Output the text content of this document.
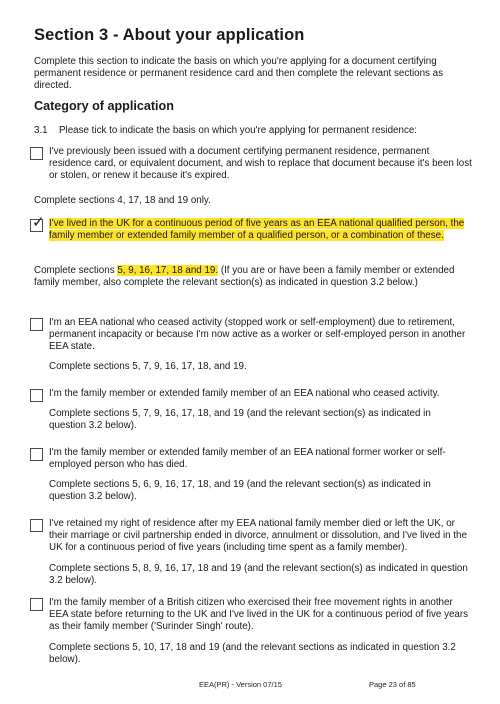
Section 3 - About your application

Complete this section to indicate the basis on which you're applying for a document certifying permanent residence or permanent residence card and then complete the relevant sections as directed.

Category of application
3.1 Please tick to indicate the basis on which you're applying for permanent residence:

I've previously been issued with a document certifying permanent residence, permanent residence card, or equivalent document, and wish to replace that document because it's been lost or stolen, or renew it because it's expired.

Complete sections 4, 17, 18 and 19 only.

✓ I've lived in the UK for a continuous period of five years as an EEA national qualified person, the family member or extended family member of a qualified person, or a combination of these.

Complete sections 5, 9, 16, 17, 18 and 19. (If you are or have been a family member or extended family member, also complete the relevant section(s) as indicated in question 3.2 below.)

I'm an EEA national who ceased activity (stopped work or self-employment) due to retirement, permanent incapacity or because I'm now active as a worker or self-employed person in another EEA state.

Complete sections 5, 7, 9, 16, 17, 18, and 19.

I'm the family member or extended family member of an EEA national who ceased activity.

Complete sections 5, 7, 9, 16, 17, 18, and 19 (and the relevant section(s) as indicated in question 3.2 below).

I'm the family member or extended family member of an EEA national former worker or self-employed person who has died.

Complete sections 5, 6, 9, 16, 17, 18, and 19 (and the relevant section(s) as indicated in question 3.2 below).

I've retained my right of residence after my EEA national family member died or left the UK, or their marriage or civil partnership ended in divorce, annulment or dissolution, and I've lived in the UK for a continuous period of five years (including time spent as a family member).

Complete sections 5, 8, 9, 16, 17, 18 and 19 (and the relevant section(s) as indicated in question 3.2 below).

I'm the family member of a British citizen who exercised their free movement rights in another EEA state before returning to the UK and I've lived in the UK for a continuous period of five years as their family member ('Surinder Singh' route).

Complete sections 5, 10, 17, 18 and 19 (and the relevant sections as indicated in question 3.2 below).

EEA(PR) - Version 07/15	Page 23 of 85
